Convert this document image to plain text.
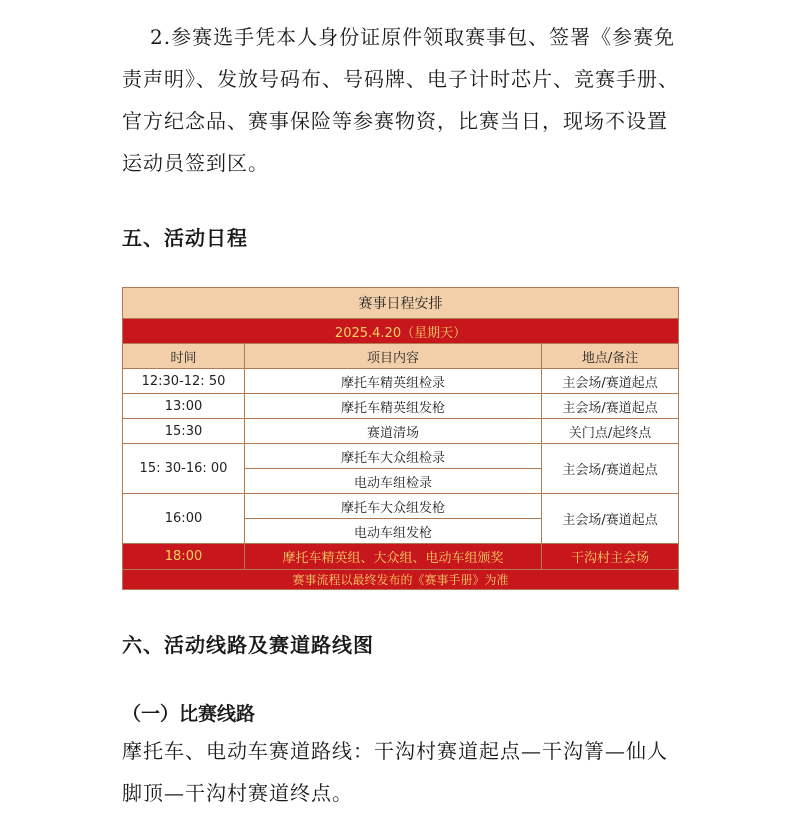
2.参赛选手凭本人身份证原件领取赛事包、签署《参赛免责声明》、发放号码布、号码牌、电子计时芯片、竞赛手册、官方纪念品、赛事保险等参赛物资，比赛当日，现场不设置运动员签到区。

五、活动日程
赛事日程安排		
2025.4.20（星期天）		
时间	项目内容	地点/备注
12:30-12: 50	摩托车精英组检录	主会场/赛道起点
13:00	摩托车精英组发枪	主会场/赛道起点
15:30	赛道清场	关门点/起终点
15: 30-16: 00	摩托车大众组检录	主会场/赛道起点
	电动车组检录	
16:00	摩托车大众组发枪	主会场/赛道起点
	电动车组发枪	
18:00	摩托车精英组、大众组、电动车组颁奖	干沟村主会场
赛事流程以最终发布的《赛事手册》为准		
六、活动线路及赛道路线图
（一）比赛线路

摩托车、电动车赛道路线：干沟村赛道起点—干沟箐—仙人脚顶—干沟村赛道终点。
